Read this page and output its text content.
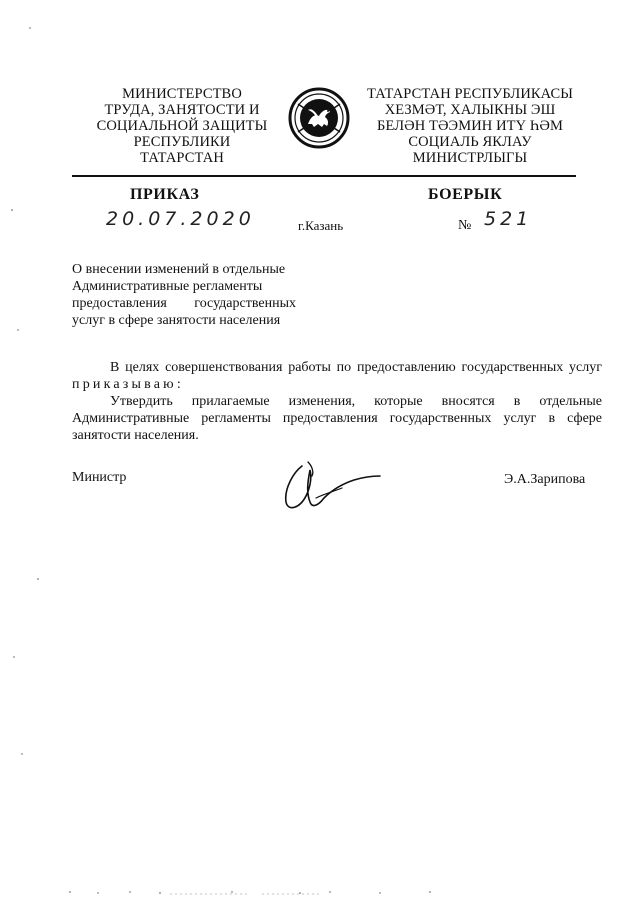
МИНИСТЕРСТВО
ТРУДА, ЗАНЯТОСТИ И
СОЦИАЛЬНОЙ ЗАЩИТЫ
РЕСПУБЛИКИ
ТАТАРСТАН
ТАТАРСТАН РЕСПУБЛИКАСЫ
ХЕЗМӘТ, ХАЛЫКНЫ ЭШ
БЕЛӘН ТӘЭМИН ИТҮ ҺӘМ
СОЦИАЛЬ ЯКЛАУ
МИНИСТРЛЫГЫ
ПРИКАЗ	БОЕРЫК
20.07.2020	г.Казань	№ 521
О внесении изменений в отдельные
Административные регламенты
предоставления государственных
услуг в сфере занятости населения
В целях совершенствования работы по предоставлению государственных услуг приказываю:
Утвердить прилагаемые изменения, которые вносятся в отдельные Административные регламенты предоставления государственных услуг в сфере занятости населения.
Министр	Э.А.Зарипова
